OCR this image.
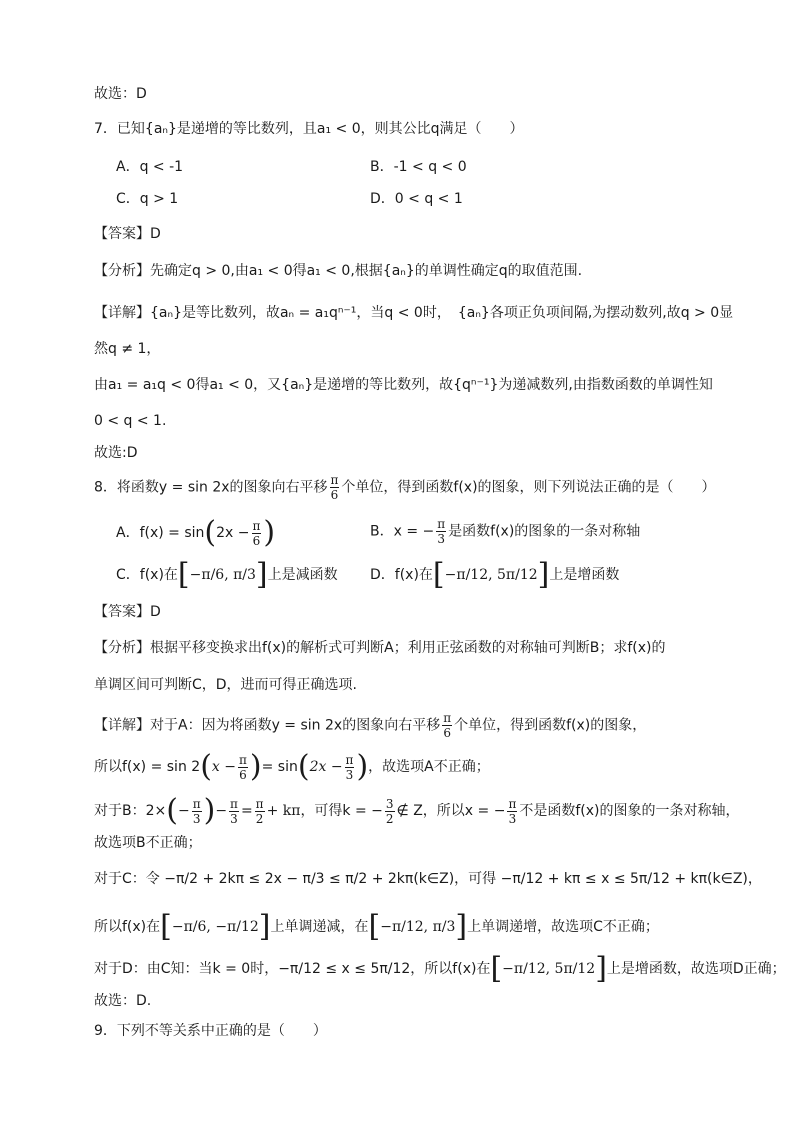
故选：D
7．已知{aₙ}是递增的等比数列，且a₁ < 0，则其公比q满足（　　）
A．q < -1	B．-1 < q < 0
C．q > 1	D．0 < q < 1
【答案】D
【分析】先确定q > 0,由a₁ < 0得a₁ < 0,根据{aₙ}的单调性确定q的取值范围.
【详解】{aₙ}是等比数列，故aₙ = a₁qⁿ⁻¹，当q < 0时，　{aₙ}各项正负项间隔,为摆动数列,故q > 0显
然q ≠ 1，
由a₁ = a₁q < 0得a₁ < 0，又{aₙ}是递增的等比数列，故{qⁿ⁻¹}为递减数列,由指数函数的单调性知
0 < q < 1.
故选:D
8．将函数y = sin 2x的图象向右平移 $\frac{\pi}{6}$ 个单位，得到函数f(x)的图象，则下列说法正确的是（　　）
A．$f(x) = \sin(2x - \frac{\pi}{6}$ )	B．x = − $\frac{\pi}{3}$ 是函数f(x)的图象的一条对称轴
C．f(x)在[−π/6, π/3]上是减函数 D．f(x)在[−π/12, 5π/12]上是增函数
【答案】D
【分析】根据平移变换求出f(x)的解析式可判断A；利用正弦函数的对称轴可判断B；求f(x)的
单调区间可判断C，D，进而可得正确选项.
【详解】对于A：因为将函数y = sin 2x的图象向右平移 $\frac{\pi}{6}$ 个单位，得到函数f(x)的图象，
所以$f(x) = \sin 2(x - \frac{\pi}{6}$ )= $\sin(2x - \frac{\pi}{3}$ )，故选项A不正确；
对于B：$2\times(- \frac{\pi}{3}$ )− $\frac{\pi}{3} = \frac{\pi}{2} + k\pi$，可得k = − $\frac{3}{2}$ ∉ Z，所以x = − $\frac{\pi}{3}$ 不是函数f(x)的图象的一条对称轴，
故选项B不正确；
对于C：令 −π/2 + 2kπ ≤ 2x − π/3 ≤ π/2 + 2kπ(k∈Z)，可得 −π/12 + kπ ≤ x ≤ 5π/12 + kπ(k∈Z)，
所以f(x)在[−π/6, −π/12]上单调递减，在[−π/12, π/3]上单调递增，故选项C不正确；
对于D：由C知：当k = 0时，−π/12 ≤ x ≤ 5π/12，所以f(x)在[−π/12, 5π/12]上是增函数，故选项D正确；
故选：D.
9．下列不等关系中正确的是（　　）
